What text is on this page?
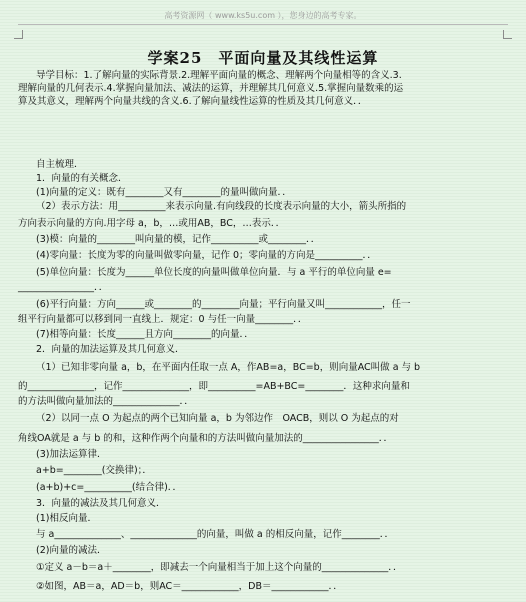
高考资源网（ www.ks5u.com ），您身边的高考专家。
学案25　平面向量及其线性运算
导学目标：1.了解向量的实际背景.2.理解平面向量的概念、理解两个向量相等的含义.3.
理解向量的几何表示.4.掌握向量加法、减法的运算，并理解其几何意义.5.掌握向量数乘的运
算及其意义，理解两个向量共线的含义.6.了解向量线性运算的性质及其几何意义．．
自主梳理．
1．向量的有关概念．
(1)向量的定义：既有________又有________的量叫做向量．．
（2）表示方法：用__________来表示向量.有向线段的长度表示向量的大小，箭头所指的
方向表示向量的方向.用字母 a，b，…或用AB，BC，…表示．．
(3)模：向量的________叫向量的模，记作__________或________．．
(4)零向量：长度为零的向量叫做零向量，记作 0；零向量的方向是__________．．
(5)单位向量：长度为______单位长度的向量叫做单位向量．与 a 平行的单位向量 e=
________________．．
(6)平行向量：方向______或________的________向量；平行向量又叫____________，任一
组平行向量都可以移到同一直线上．规定：0 与任一向量________．．
(7)相等向量：长度______且方向________的向量．．
2．向量的加法运算及其几何意义．
（1）已知非零向量 a，b，在平面内任取一点 A，作AB=a，BC=b，则向量AC叫做 a 与 b
的______________，记作______________，即__________=AB+BC=________．这种求向量和
的方法叫做向量加法的______________．．
（2）以同一点 O 为起点的两个已知向量 a，b 为邻边作　OACB，则以 O 为起点的对
角线OA就是 a 与 b 的和，这种作两个向量和的方法叫做向量加法的________________．．
(3)加法运算律．
a+b=________(交换律)；．
(a+b)+c=__________(结合律)．．
3．向量的减法及其几何意义．
(1)相反向量．
与 a______________、______________的向量，叫做 a 的相反向量，记作________．．
(2)向量的减法．
①定义 a－b＝a＋________，即减去一个向量相当于加上这个向量的______________．．
②如图，AB＝a，AD＝b，则AC＝____________，DB＝____________．．
